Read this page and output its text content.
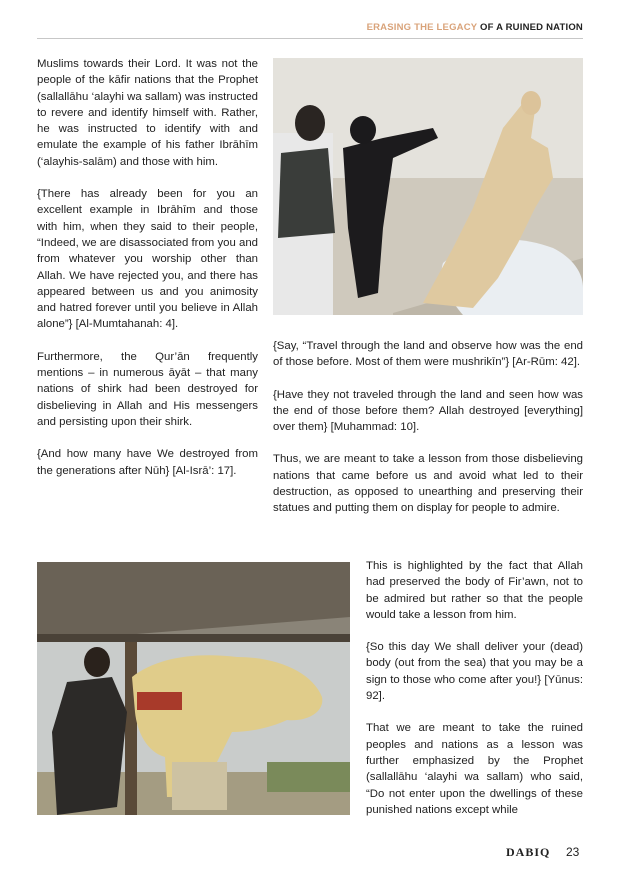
ERASING THE LEGACY OF A RUINED NATION

Muslims towards their Lord. It was not the people of the kāfir nations that the Prophet (sallallāhu ‘alayhi wa sallam) was instructed to revere and identify himself with. Rather, he was instructed to identify with and emulate the example of his father Ibrāhīm (‘alayhis-salām) and those with him.

{There has already been for you an excellent example in Ibrāhīm and those with him, when they said to their people, “Indeed, we are disassociated from you and from whatever you worship other than Allah. We have rejected you, and there has appeared between us and you animosity and hatred forever until you believe in Allah alone”} [Al-Mumtahanah: 4].

Furthermore, the Qur’ān frequently mentions – in numerous āyāt – that many nations of shirk had been destroyed for disbelieving in Allah and His messengers and persisting upon their shirk.

{And how many have We destroyed from the generations after Nūh} [Al-Isrā’: 17].

{Say, “Travel through the land and observe how was the end of those before. Most of them were mushrikīn”} [Ar-Rūm: 42].

{Have they not traveled through the land and seen how was the end of those before them? Allah destroyed [everything] over them} [Muhammad: 10].

Thus, we are meant to take a lesson from those disbelieving nations that came before us and avoid what led to their destruction, as opposed to unearthing and preserving their statues and putting them on display for people to admire.

This is highlighted by the fact that Allah had preserved the body of Fir’awn, not to be admired but rather so that the people would take a lesson from him.

{So this day We shall deliver your (dead) body (out from the sea) that you may be a sign to those who come after you!} [Yūnus: 92].

That we are meant to take the ruined peoples and nations as a lesson was further emphasized by the Prophet (sallallāhu ‘alayhi wa sallam) who said, “Do not enter upon the dwellings of these punished nations except while

DABIQ 23
